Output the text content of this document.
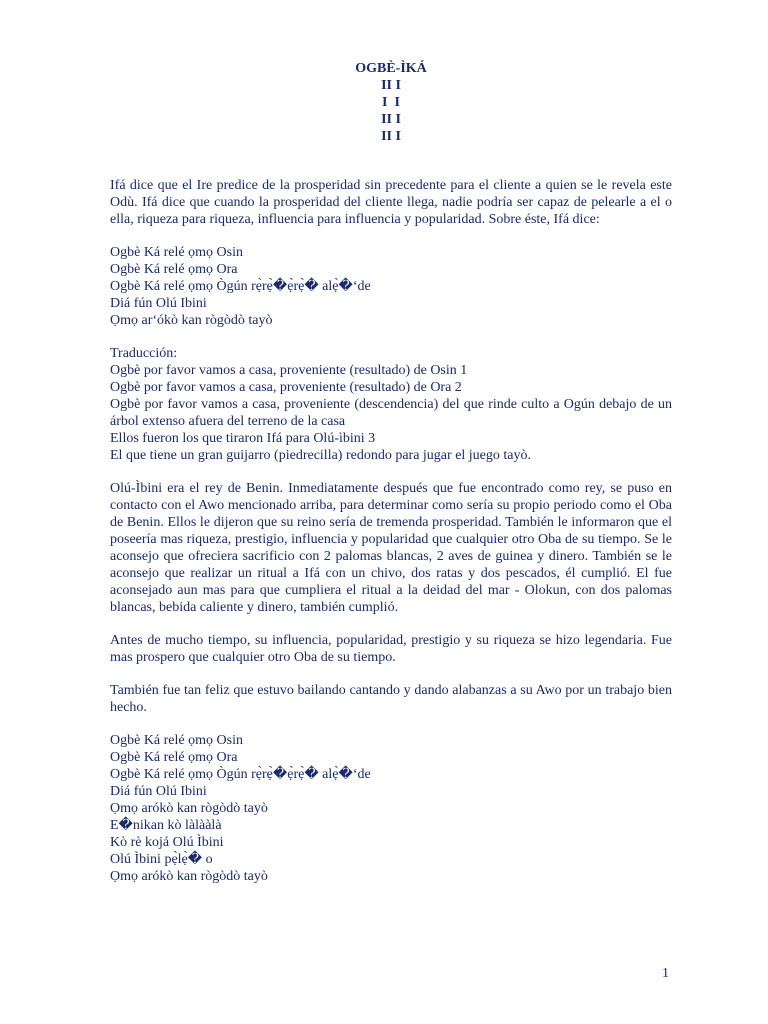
OGBÈ-ÌKÁ
II I
I  I
II I
II I

Ifá dice que el Ire predice de la prosperidad sin precedente para el cliente a quien se le revela este Odù. Ifá dice que cuando la prosperidad del cliente llega, nadie podría ser capaz de pelearle a el o ella, riqueza para riqueza, influencia para influencia y popularidad. Sobre éste, Ifá dice:

Ogbè Ká relé ọmọ Osin
Ogbè Ká relé ọmọ Ora
Ogbè Ká relé ọmọ Ògún rẹ̀rẹ̀�ẹ̀rẹ̀� alẹ̀�‘de
Diá fún Olú Ibini
Ọmọ ar‘ókò kan rògòdò tayò
Traducción:
Ogbè por favor vamos a casa, proveniente (resultado) de Osin 1
Ogbè por favor vamos a casa, proveniente (resultado) de Ora 2
Ogbè por favor vamos a casa, proveniente (descendencia) del que rinde culto a Ogún debajo de un árbol extenso afuera del terreno de la casa
Ellos fueron los que tiraron Ifá para Olú-ìbini 3
El que tiene un gran guijarro (piedrecilla) redondo para jugar el juego tayò.

Olú-Ìbini era el rey de Benin. Inmediatamente después que fue encontrado como rey, se puso en contacto con el Awo mencionado arriba, para determinar como sería su propio periodo como el Oba de Benin. Ellos le dijeron que su reino sería de tremenda prosperidad. También le informaron que el poseería mas riqueza, prestigio, influencia y popularidad que cualquier otro Oba de su tiempo. Se le aconsejo que ofreciera sacrificio con 2 palomas blancas, 2 aves de guinea y dinero. También se le aconsejo que realizar un ritual a Ifá con un chivo, dos ratas y dos pescados, él cumplió. El fue aconsejado aun mas para que cumpliera el ritual a la deidad del mar - Olokun, con dos palomas blancas, bebida caliente y dinero, también cumplió.

Antes de mucho tiempo, su influencia, popularidad, prestigio y su riqueza se hizo legendaria. Fue mas prospero que cualquier otro Oba de su tiempo.

También fue tan feliz que estuvo bailando cantando y dando alabanzas a su Awo por un trabajo bien hecho.

Ogbè Ká relé ọmọ Osin
Ogbè Ká relé ọmọ Ora
Ogbè Ká relé ọmọ Ògún rẹ̀rẹ̀�ẹ̀rẹ̀� alẹ̀�‘de
Diá fún Olú Ibini
Ọmọ arókò kan rògòdò tayò
E�nikan kò làlààlà
Kò rè kojá Olú Ìbini
Olú Ìbini pẹ̀lẹ̀� o
Ọmọ arókò kan rògòdò tayò
1
